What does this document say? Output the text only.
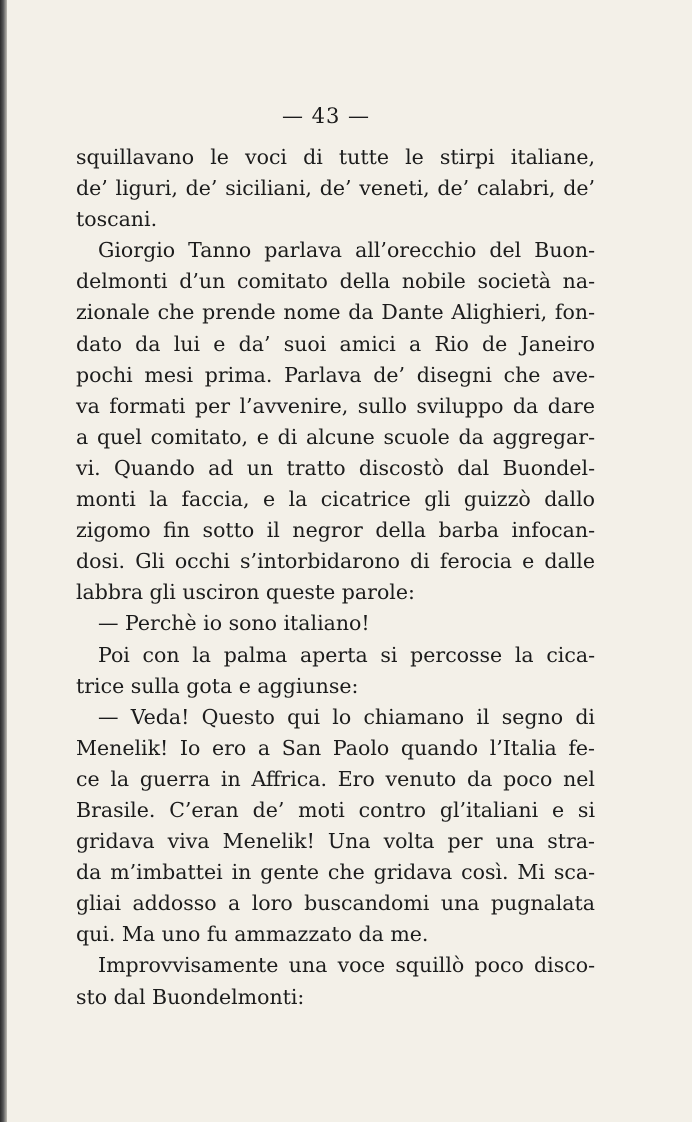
— 43 —
squillavano le voci di tutte le stirpi italiane,
de’ liguri, de’ siciliani, de’ veneti, de’ calabri, de’
toscani.
Giorgio Tanno parlava all’orecchio del Buon-
delmonti d’un comitato della nobile società na-
zionale che prende nome da Dante Alighieri, fon-
dato da lui e da’ suoi amici a Rio de Janeiro
pochi mesi prima. Parlava de’ disegni che ave-
va formati per l’avvenire, sullo sviluppo da dare
a quel comitato, e di alcune scuole da aggregar-
vi. Quando ad un tratto discostò dal Buondel-
monti la faccia, e la cicatrice gli guizzò dallo
zigomo fin sotto il negror della barba infocan-
dosi. Gli occhi s’intorbidarono di ferocia e dalle
labbra gli usciron queste parole:
— Perchè io sono italiano!
Poi con la palma aperta si percosse la cica-
trice sulla gota e aggiunse:
— Veda! Questo qui lo chiamano il segno di
Menelik! Io ero a San Paolo quando l’Italia fe-
ce la guerra in Affrica. Ero venuto da poco nel
Brasile. C’eran de’ moti contro gl’italiani e si
gridava viva Menelik! Una volta per una stra-
da m’imbattei in gente che gridava così. Mi sca-
gliai addosso a loro buscandomi una pugnalata
qui. Ma uno fu ammazzato da me.
Improvvisamente una voce squillò poco disco-
sto dal Buondelmonti:
